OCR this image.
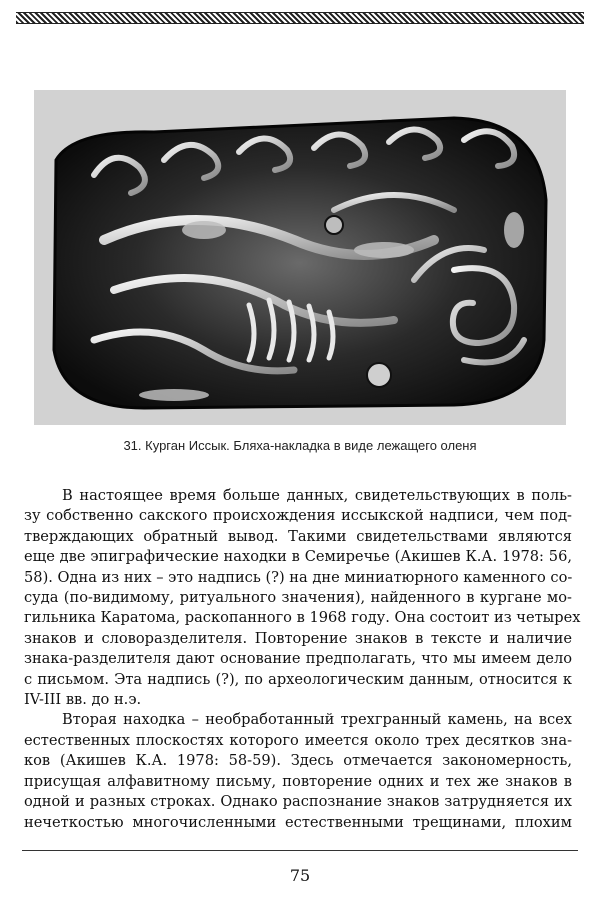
31. Курган Иссык. Бляха-накладка в виде лежащего оленя
В настоящее время больше данных, свидетельствующих в поль-
зу собственно сакского происхождения иссыкской надписи, чем под-
тверждающих обратный вывод. Такими свидетельствами являются
еще две эпиграфические находки в Семиречье (Акишев К.А. 1978: 56,
58). Одна из них – это надпись (?) на дне миниатюрного каменного со-
суда (по-видимому, ритуального значения), найденного в кургане мо-
гильника Каратома, раскопанного в 1968 году. Она состоит из четырех
знаков и словоразделителя. Повторение знаков в тексте и наличие
знака-разделителя дают основание предполагать, что мы имеем дело
с письмом. Эта надпись (?), по археологическим данным, относится к
IV-III вв. до н.э.
Вторая находка – необработанный трехгранный камень, на всех
естественных плоскостях которого имеется около трех десятков зна-
ков (Акишев К.А. 1978: 58-59). Здесь отмечается закономерность,
присущая алфавитному письму, повторение одних и тех же знаков в
одной и разных строках. Однако распознание знаков затрудняется их
нечеткостью многочисленными естественными трещинами, плохим
75
